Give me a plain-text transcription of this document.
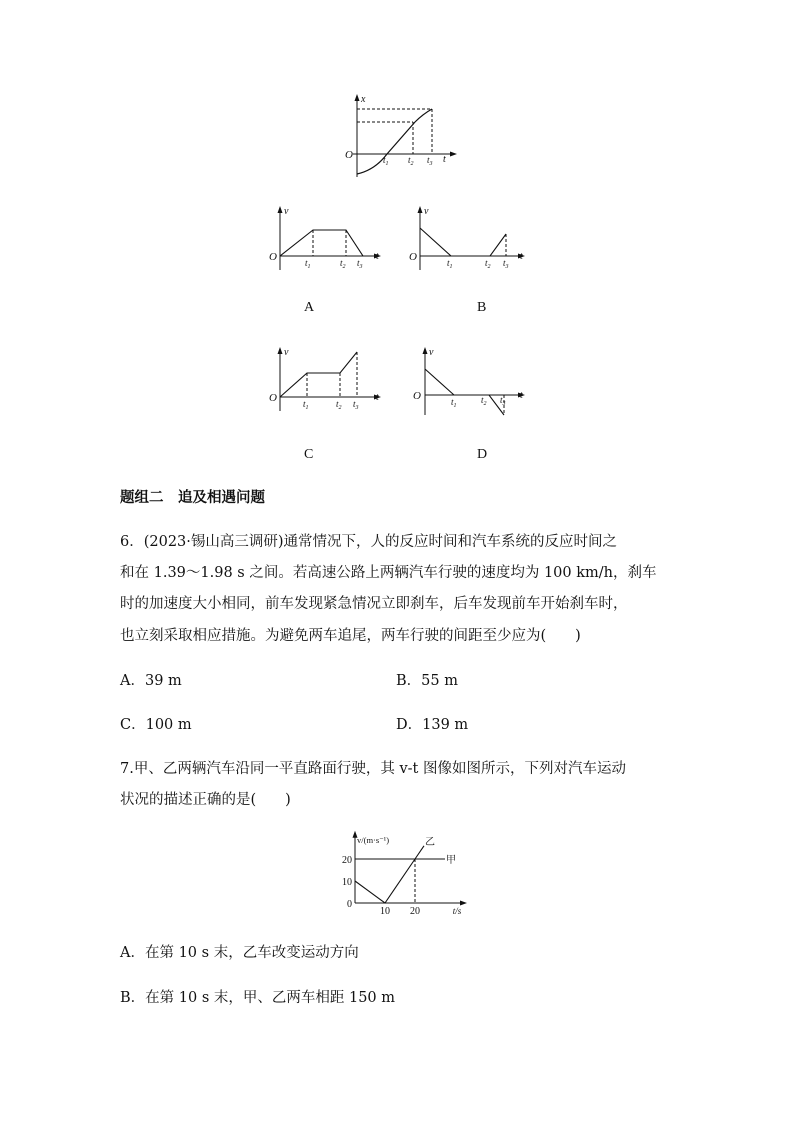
x
O	t
$t_1$ $t_2$ $t_3$
v
O	t
$t_1$	$t_2$ $t_3$
v
O	t
$t_1$	$t_2$ $t_3$
A	B
v
O	t
$t_1$	$t_2$ $t_3$
v
O	t
$t_1$
$t_2$ $t_3$
C	D
题组二　追及相遇问题
6．(2023·锡山高三调研)通常情况下，人的反应时间和汽车系统的反应时间之
和在 1.39～1.98 s 之间。若高速公路上两辆汽车行驶的速度均为 100 km/h，刹车
时的加速度大小相同，前车发现紧急情况立即刹车，后车发现前车开始刹车时，
也立刻采取相应措施。为避免两车追尾，两车行驶的间距至少应为(　　)
A．39 m	B．55 m
C．100 m	D．139 m
7.甲、乙两辆汽车沿同一平直路面行驶，其 v-t 图像如图所示，下列对汽车运动
状况的描述正确的是(　　)
甲
乙
0
10
20
10 20	t/s
v/(m·s⁻¹)
A．在第 10 s 末，乙车改变运动方向
B．在第 10 s 末，甲、乙两车相距 150 m
